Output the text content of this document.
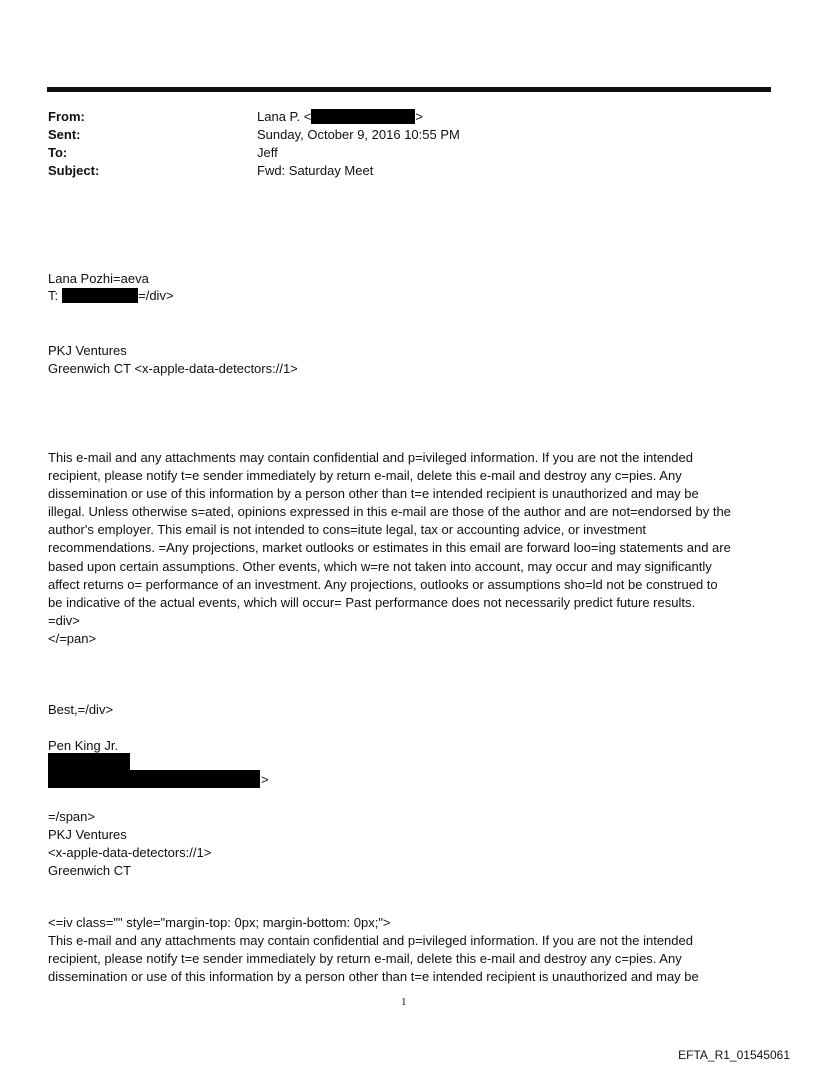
From:	Lana P. <	>
Sent:	Sunday, October 9, 2016 10:55 PM
To:	Jeff
Subject:	Fwd: Saturday Meet
Lana Pozhi=aeva
T:	=/div>
PKJ Ventures
Greenwich CT <x-apple-data-detectors://1>
This e-mail and any attachments may contain confidential and p=ivileged information. If you are not the intended
recipient, please notify t=e sender immediately by return e-mail, delete this e-mail and destroy any c=pies. Any
dissemination or use of this information by a person other than t=e intended recipient is unauthorized and may be
illegal. Unless otherwise s=ated, opinions expressed in this e-mail are those of the author and are not=endorsed by the
author's employer. This email is not intended to cons=itute legal, tax or accounting advice, or investment
recommendations. =Any projections, market outlooks or estimates in this email are forward loo=ing statements and are
based upon certain assumptions. Other events, which w=re not taken into account, may occur and may significantly
affect returns o= performance of an investment. Any projections, outlooks or assumptions sho=ld not be construed to
be indicative of the actual events, which will occur= Past performance does not necessarily predict future results.
=div>
</=pan>
Best,=/div>
Pen King Jr.
>
=/span>
PKJ Ventures
<x-apple-data-detectors://1>
Greenwich CT
<=iv class="" style="margin-top: 0px; margin-bottom: 0px;">
This e-mail and any attachments may contain confidential and p=ivileged information. If you are not the intended
recipient, please notify t=e sender immediately by return e-mail, delete this e-mail and destroy any c=pies. Any
dissemination or use of this information by a person other than t=e intended recipient is unauthorized and may be
1
EFTA_R1_01545061
